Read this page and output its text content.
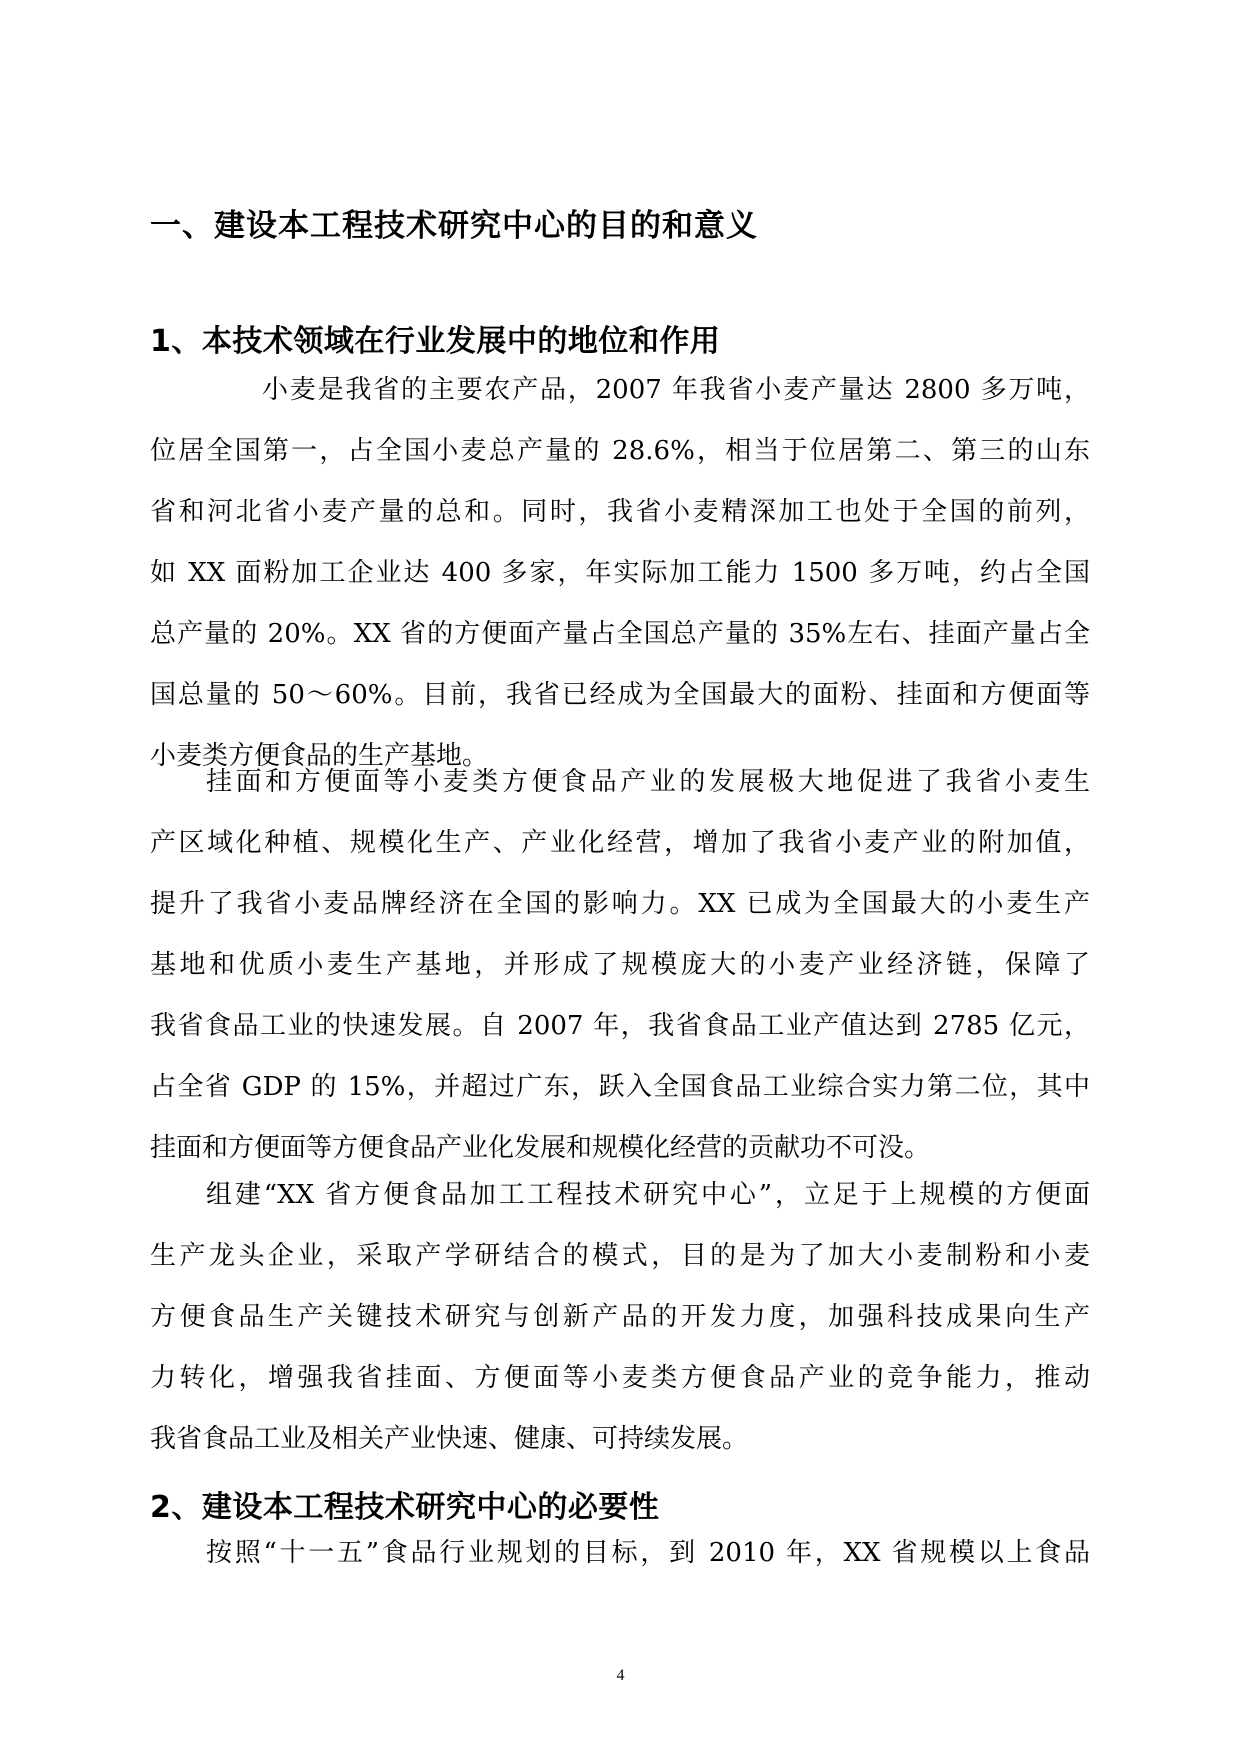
一、建设本工程技术研究中心的目的和意义
1、本技术领域在行业发展中的地位和作用
小麦是我省的主要农产品，2007 年我省小麦产量达 2800 多万吨，
位居全国第一，占全国小麦总产量的 28.6%，相当于位居第二、第三的山东
省和河北省小麦产量的总和。同时，我省小麦精深加工也处于全国的前列，
如 XX 面粉加工企业达 400 多家，年实际加工能力 1500 多万吨，约占全国
总产量的 20%。XX 省的方便面产量占全国总产量的 35%左右、挂面产量占全
国总量的 50～60%。目前，我省已经成为全国最大的面粉、挂面和方便面等
小麦类方便食品的生产基地。
挂面和方便面等小麦类方便食品产业的发展极大地促进了我省小麦生
产区域化种植、规模化生产、产业化经营，增加了我省小麦产业的附加值，
提升了我省小麦品牌经济在全国的影响力。XX 已成为全国最大的小麦生产
基地和优质小麦生产基地，并形成了规模庞大的小麦产业经济链，保障了
我省食品工业的快速发展。自 2007 年，我省食品工业产值达到 2785 亿元，
占全省 GDP 的 15%，并超过广东，跃入全国食品工业综合实力第二位，其中
挂面和方便面等方便食品产业化发展和规模化经营的贡献功不可没。
组建“XX 省方便食品加工工程技术研究中心”，立足于上规模的方便面
生产龙头企业，采取产学研结合的模式，目的是为了加大小麦制粉和小麦
方便食品生产关键技术研究与创新产品的开发力度，加强科技成果向生产
力转化，增强我省挂面、方便面等小麦类方便食品产业的竞争能力，推动
我省食品工业及相关产业快速、健康、可持续发展。
2、建设本工程技术研究中心的必要性
按照“十一五”食品行业规划的目标，到 2010 年，XX 省规模以上食品
4
